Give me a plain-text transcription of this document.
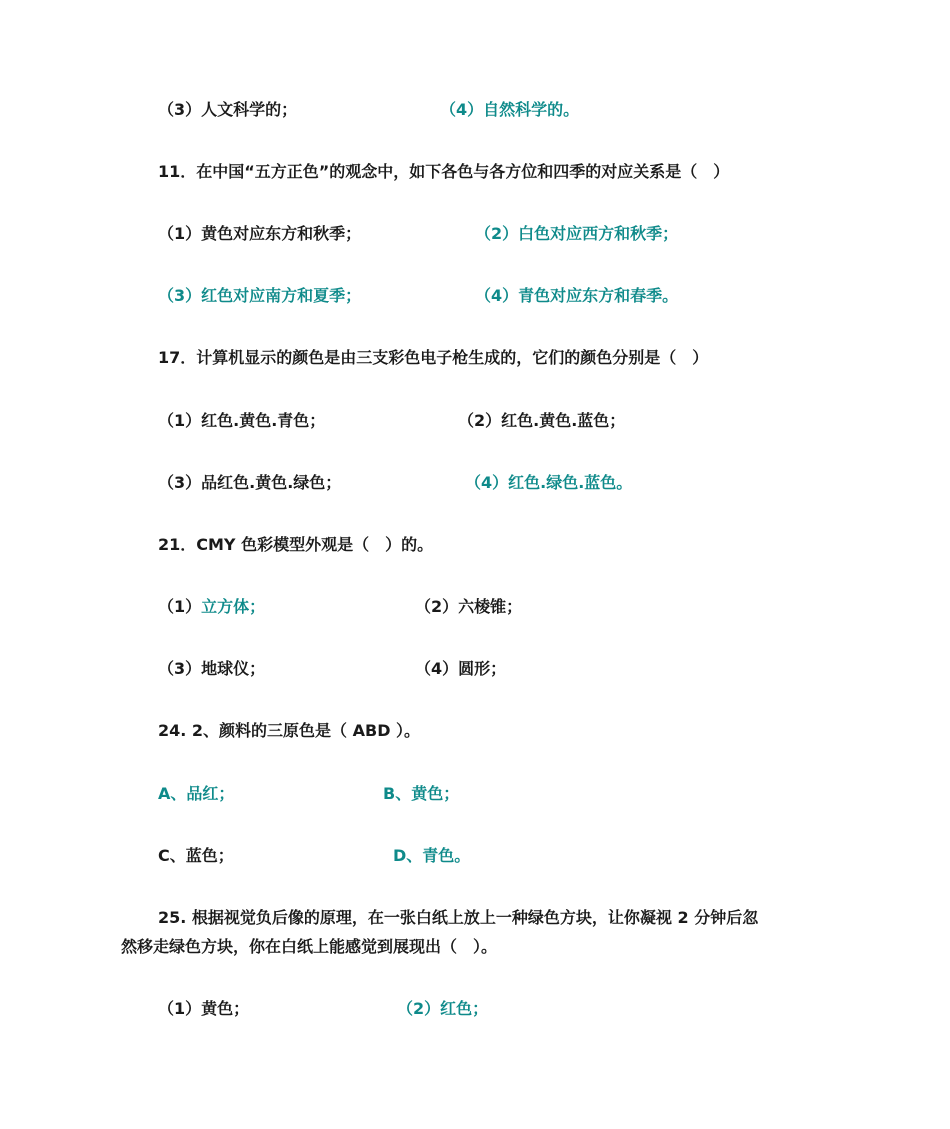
（3）人文科学的；	（4）自然科学的。
11．在中国“五方正色”的观念中，如下各色与各方位和四季的对应关系是（　）
（1）黄色对应东方和秋季；	（2）白色对应西方和秋季；
（3）红色对应南方和夏季；	（4）青色对应东方和春季。
17．计算机显示的颜色是由三支彩色电子枪生成的，它们的颜色分别是（　）
（1）红色.黄色.青色；	（2）红色.黄色.蓝色；
（3）品红色.黄色.绿色；	（4）红色.绿色.蓝色。
21．CMY 色彩模型外观是（　）的。
（1）立方体；	（2）六棱锥；
（3）地球仪；	（4）圆形；
24. 2、颜料的三原色是（ ABD ）。
A、品红；	B、黄色；
C、蓝色；	D、青色。
25. 根据视觉负后像的原理，在一张白纸上放上一种绿色方块，让你凝视 2 分钟后忽
然移走绿色方块，你在白纸上能感觉到展现出（　）。
（1）黄色；	（2）红色；
